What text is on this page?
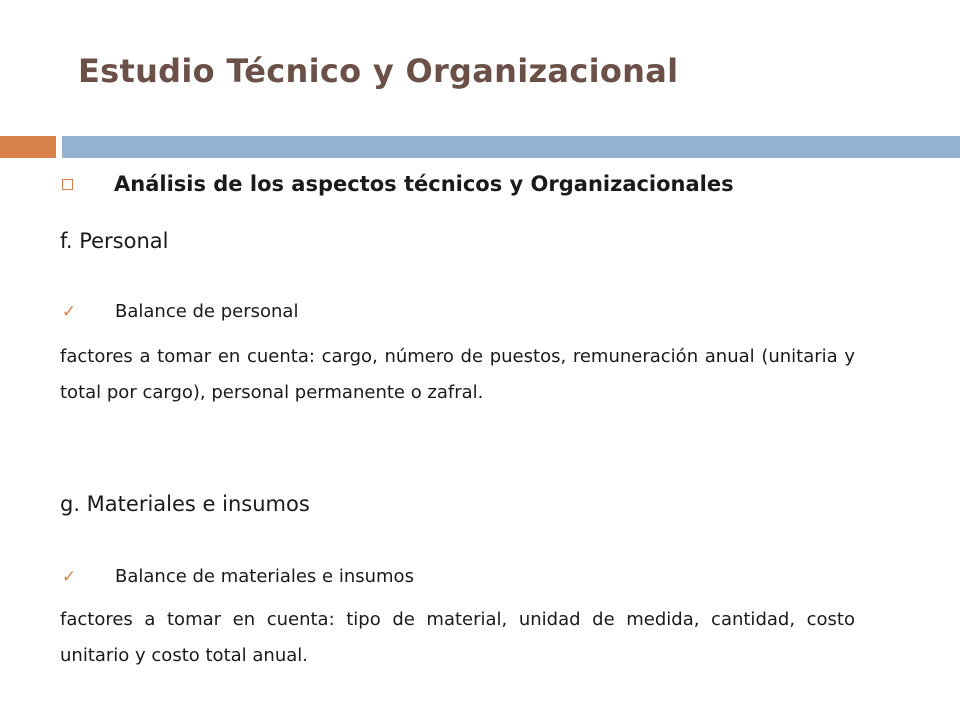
Estudio Técnico y Organizacional
Análisis de los aspectos técnicos y Organizacionales
f. Personal
✓ Balance de personal
factores a tomar en cuenta: cargo, número de puestos, remuneración anual (unitaria y total por cargo), personal permanente o zafral.
g. Materiales e insumos
✓ Balance de materiales e insumos
factores a tomar en cuenta: tipo de material, unidad de medida, cantidad, costo unitario y costo total anual.
